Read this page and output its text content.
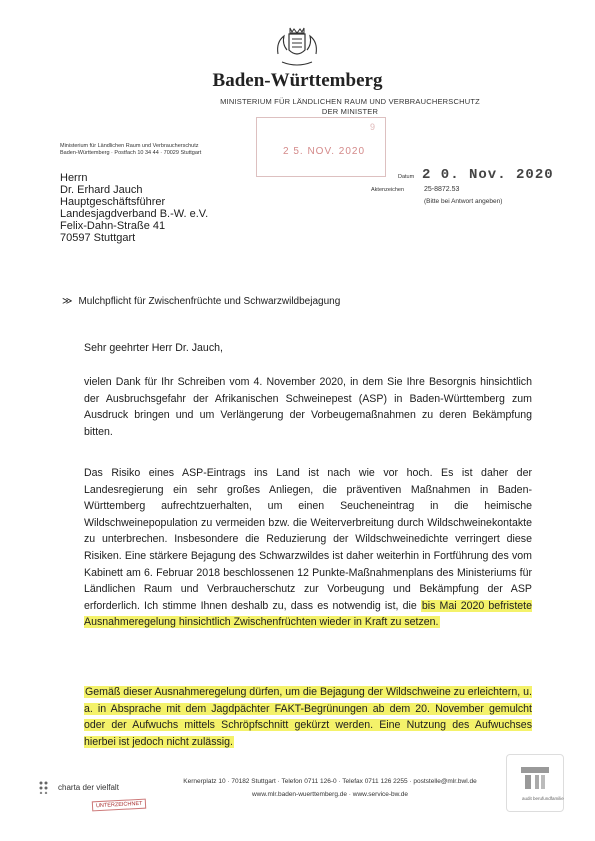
Baden-Württemberg
MINISTERIUM FÜR LÄNDLICHEN RAUM UND VERBRAUCHERSCHUTZ
DER MINISTER
9
2 5. NOV. 2020
Ministerium für Ländlichen Raum und Verbraucherschutz
Baden-Württemberg · Postfach 10 34 44 · 70029 Stuttgart
Herrn
Dr. Erhard Jauch
Hauptgeschäftsführer
Landesjagdverband B.-W. e.V.
Felix-Dahn-Straße 41
70597 Stuttgart
Datum 2 0. Nov. 2020
Aktenzeichen	25-8872.53
(Bitte bei Antwort angeben)
≫ Mulchpflicht für Zwischenfrüchte und Schwarzwildbejagung
Sehr geehrter Herr Dr. Jauch,

vielen Dank für Ihr Schreiben vom 4. November 2020, in dem Sie Ihre Besorgnis hinsichtlich der Ausbruchsgefahr der Afrikanischen Schweinepest (ASP) in Baden-Württemberg zum Ausdruck bringen und um Verlängerung der Vorbeugemaßnahmen zu deren Bekämpfung bitten.

Das Risiko eines ASP-Eintrags ins Land ist nach wie vor hoch. Es ist daher der Landesregierung ein sehr großes Anliegen, die präventiven Maßnahmen in Baden-Württemberg aufrechtzuerhalten, um einen Seucheneintrag in die heimische Wildschweinepopulation zu vermeiden bzw. die Weiterverbreitung durch Wildschweinekontakte zu unterbrechen. Insbesondere die Reduzierung der Wildschweinedichte verringert diese Risiken. Eine stärkere Bejagung des Schwarzwildes ist daher weiterhin in Fortführung des vom Kabinett am 6. Februar 2018 beschlossenen 12 Punkte-Maßnahmenplans des Ministeriums für Ländlichen Raum und Verbraucherschutz zur Vorbeugung und Bekämpfung der ASP erforderlich. Ich stimme Ihnen deshalb zu, dass es notwendig ist, die bis Mai 2020 befristete Ausnahmeregelung hinsichtlich Zwischenfrüchten wieder in Kraft zu setzen.

Gemäß dieser Ausnahmeregelung dürfen, um die Bejagung der Wildschweine zu erleichtern, u. a. in Absprache mit dem Jagdpächter FAKT-Begrünungen ab dem 20. November gemulcht oder der Aufwuchs mittels Schröpfschnitt gekürzt werden. Eine Nutzung des Aufwuchses hierbei ist jedoch nicht zulässig.

charta der vielfalt
UNTERZEICHNET
Kernerplatz 10 · 70182 Stuttgart · Telefon 0711 126-0 · Telefax 0711 126 2255 · poststelle@mlr.bwl.de
www.mlr.baden-wuerttemberg.de · www.service-bw.de
audit berufundfamilie
